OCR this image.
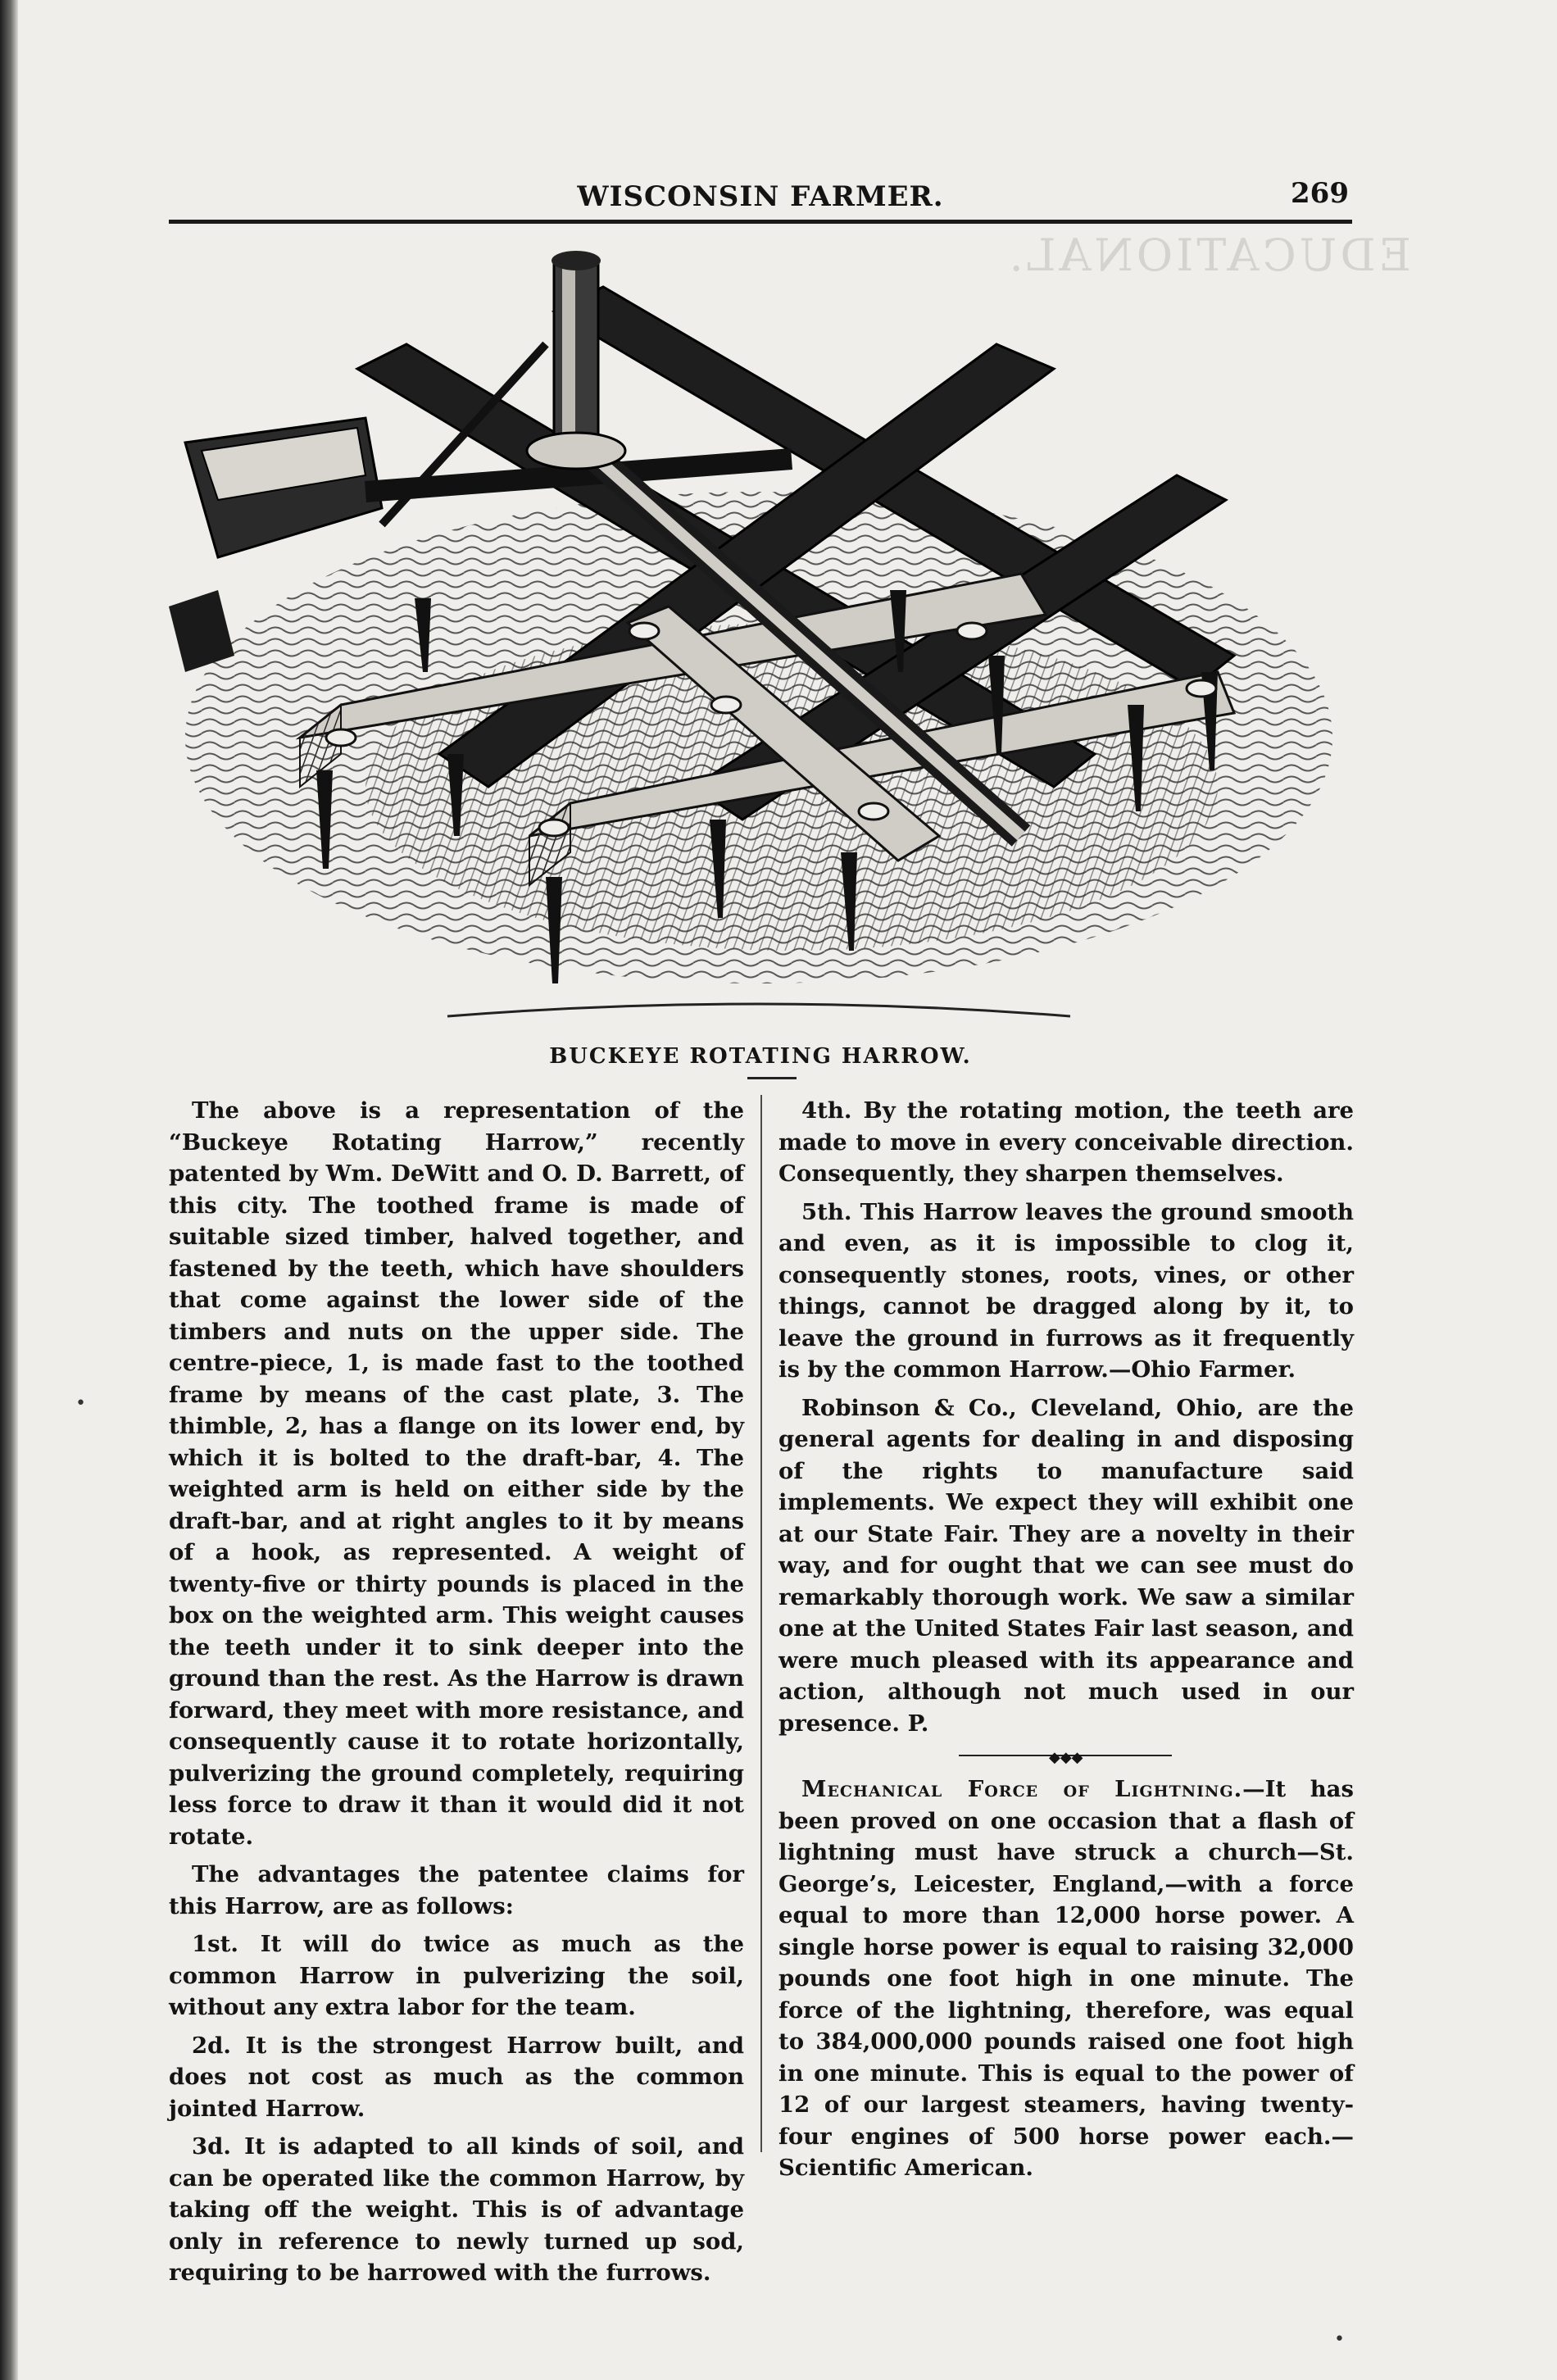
EDUCATIONAL.
WISCONSIN FARMER.	269
BUCKEYE ROTATING HARROW.

The above is a representation of the “Buckeye Rotating Harrow,” recently patented by Wm. DeWitt and O. D. Barrett, of this city. The toothed frame is made of suitable sized timber, halved together, and fastened by the teeth, which have shoulders that come against the lower side of the timbers and nuts on the upper side. The centre-piece, 1, is made fast to the toothed frame by means of the cast plate, 3. The thimble, 2, has a flange on its lower end, by which it is bolted to the draft-bar, 4. The weighted arm is held on either side by the draft-bar, and at right angles to it by means of a hook, as represented. A weight of twenty-five or thirty pounds is placed in the box on the weighted arm. This weight causes the teeth under it to sink deeper into the ground than the rest. As the Harrow is drawn forward, they meet with more resistance, and consequently cause it to rotate horizontally, pulverizing the ground completely, requiring less force to draw it than it would did it not rotate.

The advantages the patentee claims for this Harrow, are as follows:

1st. It will do twice as much as the common Harrow in pulverizing the soil, without any extra labor for the team.

2d. It is the strongest Harrow built, and does not cost as much as the common jointed Harrow.

3d. It is adapted to all kinds of soil, and can be operated like the common Harrow, by taking off the weight. This is of advantage only in reference to newly turned up sod, requiring to be harrowed with the furrows.

4th. By the rotating motion, the teeth are made to move in every conceivable direction. Consequently, they sharpen themselves.

5th. This Harrow leaves the ground smooth and even, as it is impossible to clog it, consequently stones, roots, vines, or other things, cannot be dragged along by it, to leave the ground in furrows as it frequently is by the common Harrow.—Ohio Farmer.

Robinson & Co., Cleveland, Ohio, are the general agents for dealing in and disposing of the rights to manufacture said implements. We expect they will exhibit one at our State Fair. They are a novelty in their way, and for ought that we can see must do remarkably thorough work. We saw a similar one at the United States Fair last season, and were much pleased with its appearance and action, although not much used in our presence. P.

◆◆◆

Mechanical Force of Lightning.—It has been proved on one occasion that a flash of lightning must have struck a church—St. George’s, Leicester, England,—with a force equal to more than 12,000 horse power. A single horse power is equal to raising 32,000 pounds one foot high in one minute. The force of the lightning, therefore, was equal to 384,000,000 pounds raised one foot high in one minute. This is equal to the power of 12 of our largest steamers, having twenty-four engines of 500 horse power each.—Scientific American.

•
•
